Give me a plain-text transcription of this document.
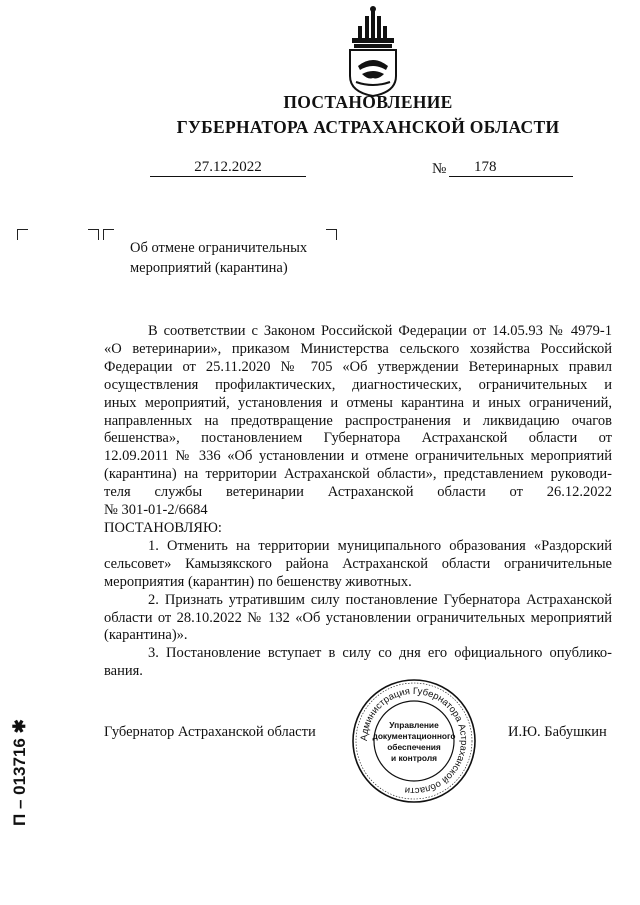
ПОСТАНОВЛЕНИЕ
ГУБЕРНАТОРА АСТРАХАНСКОЙ ОБЛАСТИ
27.12.2022	№ 178
Об отмене ограничительных
мероприятий (карантина)

В соответствии с Законом Российской Федерации от 14.05.93 № 4979-1

«О ветеринарии», приказом Министерства сельского хозяйства Российской

Федерации от 25.11.2020 № 705 «Об утверждении Ветеринарных правил

осуществления профилактических, диагностических, ограничительных и

иных мероприятий, установления и отмены карантина и иных ограничений,

направленных на предотвращение распространения и ликвидацию очагов

бешенства», постановлением Губернатора Астраханской области от

12.09.2011 № 336 «Об установлении и отмене ограничительных мероприятий

(карантина) на территории Астраханской области», представлением руководи-

теля службы ветеринарии Астраханской области от 26.12.2022

№ 301-01-2/6684

ПОСТАНОВЛЯЮ:

1. Отменить на территории муниципального образования «Раздорский

сельсовет» Камызякского района Астраханской области ограничительные

мероприятия (карантин) по бешенству животных.

2. Признать утратившим силу постановление Губернатора Астраханской

области от 28.10.2022 № 132 «Об установлении ограничительных мероприятий

(карантина)».

3. Постановление вступает в силу со дня его официального опублико-

вания.

Губернатор Астраханской области	И.Ю. Бабушкин
Администрация Губернатора Астраханской области
Управление
документационного
обеспечения
и контроля
П – 013716 ✱
